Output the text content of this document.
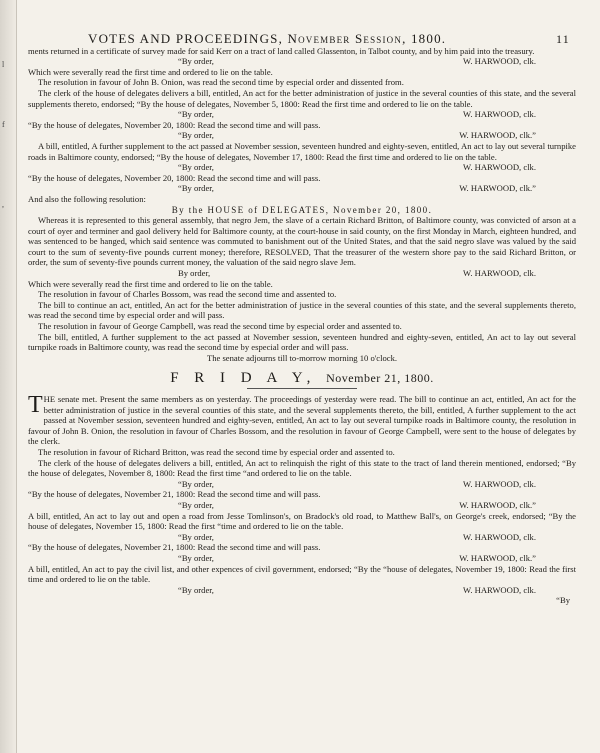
l
f
,
VOTES AND PROCEEDINGS, November Session, 1800.	11

ments returned in a certificate of survey made for said Kerr on a tract of land called Glassenton, in Talbot county, and by him paid into the treasury.

“By order,	W. HARWOOD, clk.

Which were severally read the first time and ordered to lie on the table.

The resolution in favour of John B. Onion, was read the second time by especial order and dissented from.

The clerk of the house of delegates delivers a bill, entitled, An act for the better administration of justice in the several counties of this state, and the several supplements thereto, endorsed; “By the house of delegates, November 5, 1800: Read the first time and ordered to lie on the table.

“By order,	W. HARWOOD, clk.

“By the house of delegates, November 20, 1800: Read the second time and will pass.

“By order,	W. HARWOOD, clk.”

A bill, entitled, A further supplement to the act passed at November session, seventeen hundred and eighty-seven, entitled, An act to lay out several turnpike roads in Baltimore county, endorsed; “By the house of delegates, November 17, 1800: Read the first time and ordered to lie on the table.

“By order,	W. HARWOOD, clk.

“By the house of delegates, November 20, 1800: Read the second time and will pass.

“By order,	W. HARWOOD, clk.”

And also the following resolution:

By the HOUSE of DELEGATES, November 20, 1800.

Whereas it is represented to this general assembly, that negro Jem, the slave of a certain Richard Britton, of Baltimore county, was convicted of arson at a court of oyer and terminer and gaol delivery held for Baltimore county, at the court-house in said county, on the first Monday in March, eighteen hundred, and was sentenced to be hanged, which said sentence was commuted to banishment out of the United States, and that the said negro slave was valued by the said court to the sum of seventy-five pounds current money; therefore, RESOLVED, That the treasurer of the western shore pay to the said Richard Britton, or order, the sum of seventy-five pounds current money, the valuation of the said negro slave Jem.

By order,	W. HARWOOD, clk.

Which were severally read the first time and ordered to lie on the table.

The resolution in favour of Charles Bossom, was read the second time and assented to.

The bill to continue an act, entitled, An act for the better administration of justice in the several counties of this state, and the several supplements thereto, was read the second time by especial order and will pass.

The resolution in favour of George Campbell, was read the second time by especial order and assented to.

The bill, entitled, A further supplement to the act passed at November session, seventeen hundred and eighty-seven, entitled, An act to lay out several turnpike roads in Baltimore county, was read the second time by especial order and will pass.

The senate adjourns till to-morrow morning 10 o'clock.

F R I D A Y, November 21, 1800.

THE senate met. Present the same members as on yesterday. The proceedings of yesterday were read. The bill to continue an act, entitled, An act for the better administration of justice in the several counties of this state, and the several supplements thereto, the bill, entitled, A further supplement to the act passed at November session, seventeen hundred and eighty-seven, entitled, An act to lay out several turnpike roads in Baltimore county, the resolution in favour of John B. Onion, the resolution in favour of Charles Bossom, and the resolution in favour of George Campbell, were sent to the house of delegates by the clerk.

The resolution in favour of Richard Britton, was read the second time by especial order and assented to.

The clerk of the house of delegates delivers a bill, entitled, An act to relinquish the right of this state to the tract of land therein mentioned, endorsed; “By the house of delegates, November 8, 1800: Read the first time “and ordered to lie on the table.

“By order,	W. HARWOOD, clk.

“By the house of delegates, November 21, 1800: Read the second time and will pass.

“By order,	W. HARWOOD, clk.”

A bill, entitled, An act to lay out and open a road from Jesse Tomlinson's, on Bradock's old road, to Matthew Ball's, on George's creek, endorsed; “By the house of delegates, November 15, 1800: Read the first “time and ordered to lie on the table.

“By order,	W. HARWOOD, clk.

“By the house of delegates, November 21, 1800: Read the second time and will pass.

“By order,	W. HARWOOD, clk.”

A bill, entitled, An act to pay the civil list, and other expences of civil government, endorsed; “By the “house of delegates, November 19, 1800: Read the first time and ordered to lie on the table.

“By order,	W. HARWOOD, clk.
“By
